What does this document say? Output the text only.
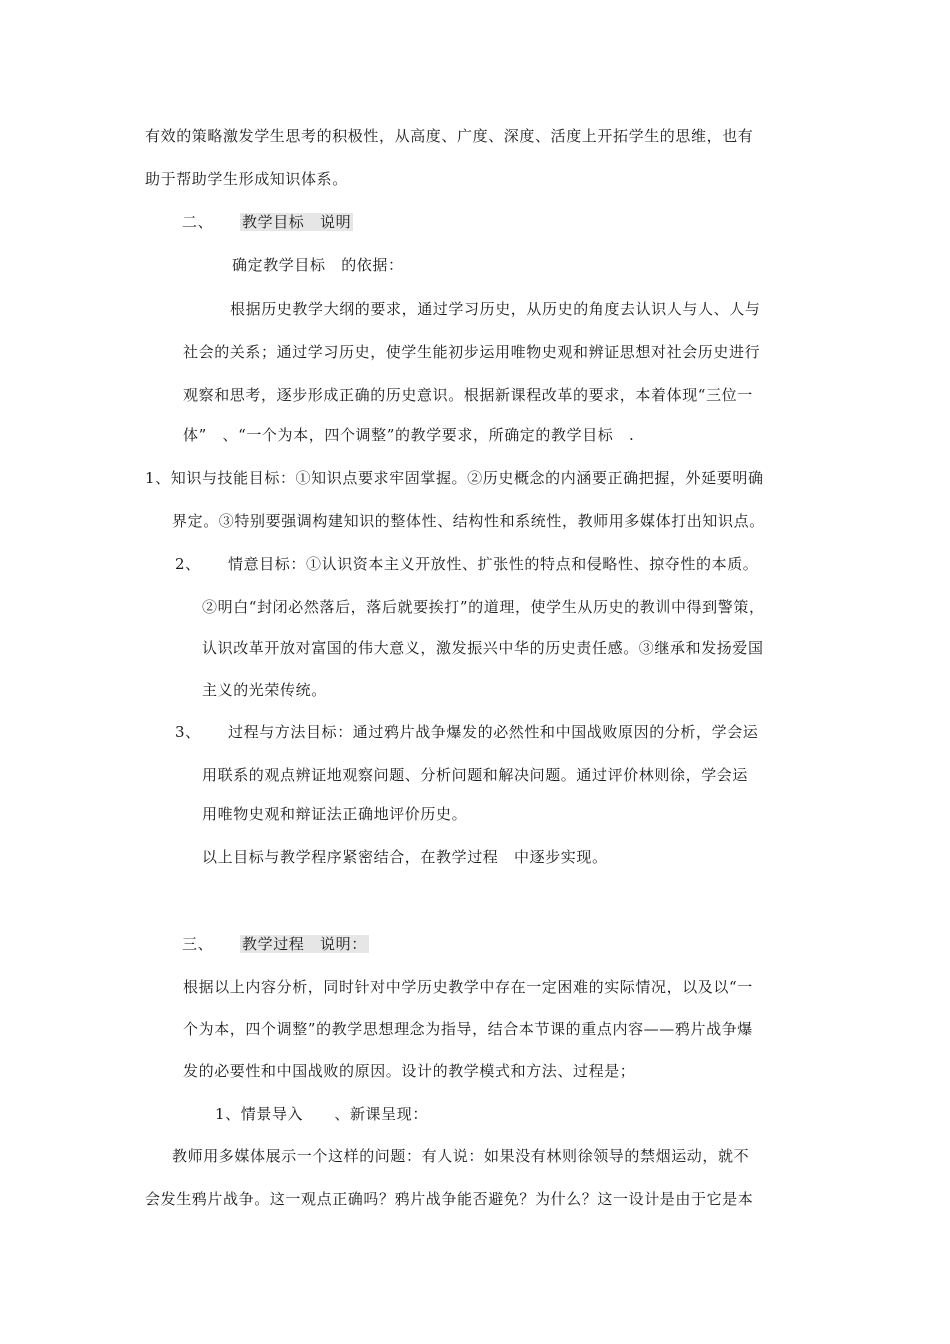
有效的策略激发学生思考的积极性，从高度、广度、深度、活度上开拓学生的思维，也有
助于帮助学生形成知识体系。
二、 教学目标　说明
确定教学目标　的依据：
根据历史教学大纲的要求，通过学习历史，从历史的角度去认识人与人、人与
社会的关系；通过学习历史，使学生能初步运用唯物史观和辨证思想对社会历史进行
观察和思考，逐步形成正确的历史意识。根据新课程改革的要求，本着体现“三位一
体”　、“一个为本，四个调整”的教学要求，所确定的教学目标　.
1、知识与技能目标：①知识点要求牢固掌握。②历史概念的内涵要正确把握，外延要明确
界定。③特别要强调构建知识的整体性、结构性和系统性，教师用多媒体打出知识点。
2、 情意目标：①认识资本主义开放性、扩张性的特点和侵略性、掠夺性的本质。
②明白“封闭必然落后，落后就要挨打”的道理，使学生从历史的教训中得到警策，
认识改革开放对富国的伟大意义，激发振兴中华的历史责任感。③继承和发扬爱国
主义的光荣传统。
3、 过程与方法目标：通过鸦片战争爆发的必然性和中国战败原因的分析，学会运
用联系的观点辨证地观察问题、分析问题和解决问题。通过评价林则徐，学会运
用唯物史观和辩证法正确地评价历史。
以上目标与教学程序紧密结合，在教学过程　中逐步实现。
三、 教学过程　说明：
根据以上内容分析，同时针对中学历史教学中存在一定困难的实际情况，以及以“一
个为本，四个调整”的教学思想理念为指导，结合本节课的重点内容——鸦片战争爆
发的必要性和中国战败的原因。设计的教学模式和方法、过程是；
1、情景导入　　、新课呈现：
教师用多媒体展示一个这样的问题：有人说：如果没有林则徐领导的禁烟运动，就不
会发生鸦片战争。这一观点正确吗？鸦片战争能否避免？为什么？这一设计是由于它是本
